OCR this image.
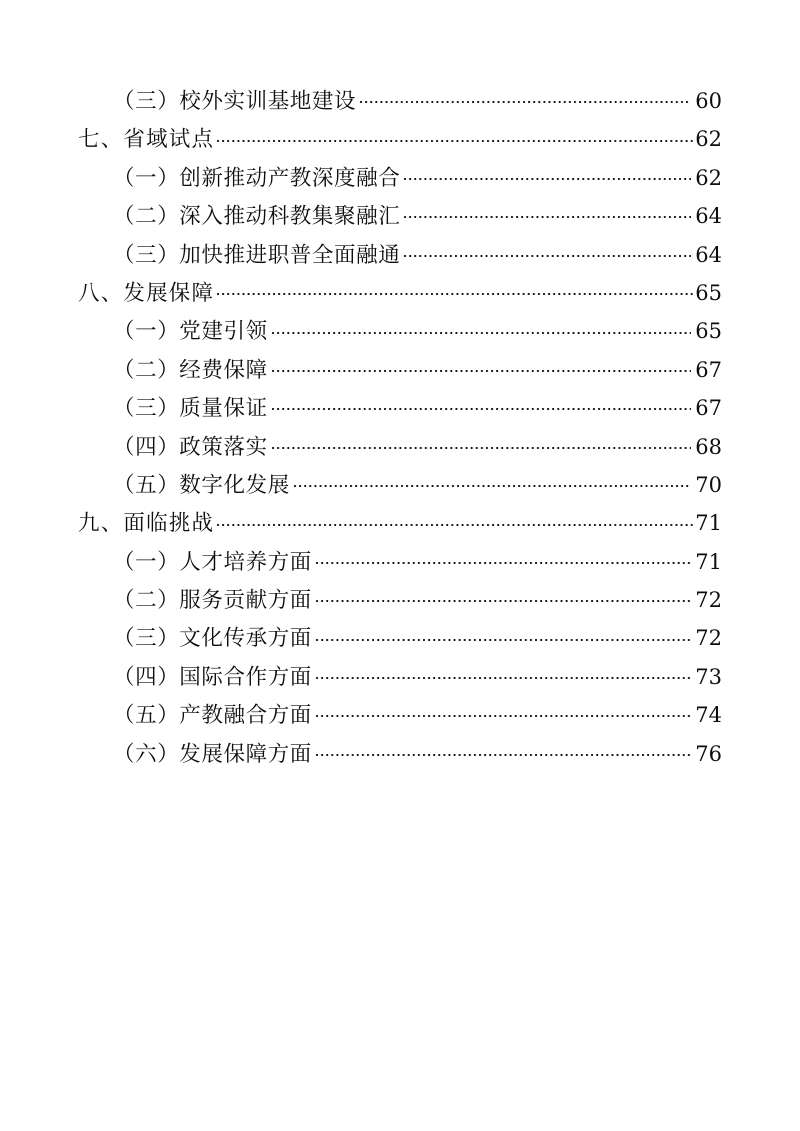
（三）校外实训基地建设	60
七、省域试点	62
（一）创新推动产教深度融合	62
（二）深入推动科教集聚融汇	64
（三）加快推进职普全面融通	64
八、发展保障	65
（一）党建引领	65
（二）经费保障	67
（三）质量保证	67
（四）政策落实	68
（五）数字化发展	70
九、面临挑战	71
（一）人才培养方面	71
（二）服务贡献方面	72
（三）文化传承方面	72
（四）国际合作方面	73
（五）产教融合方面	74
（六）发展保障方面	76
